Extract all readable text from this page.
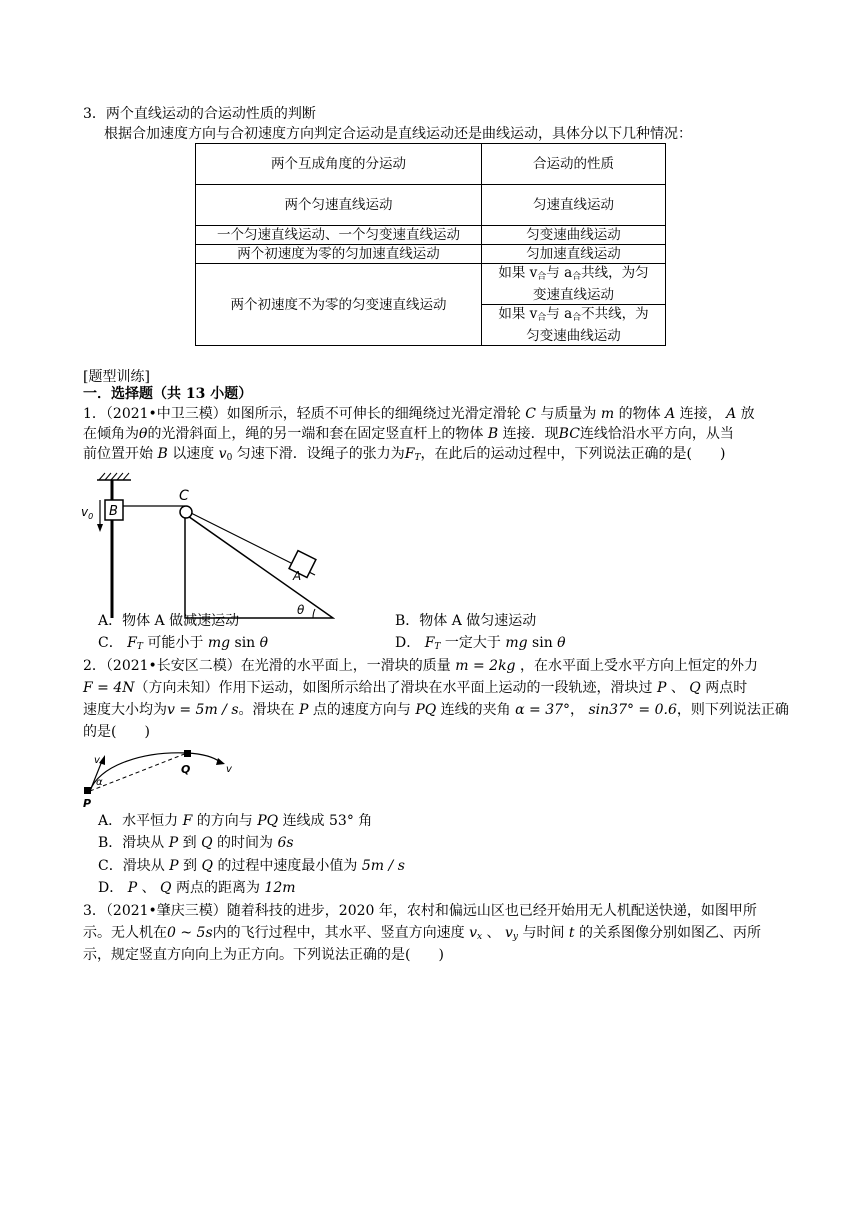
3．两个直线运动的合运动性质的判断
根据合加速度方向与合初速度方向判定合运动是直线运动还是曲线运动，具体分以下几种情况：
两个互成角度的分运动	合运动的性质
两个匀速直线运动	匀速直线运动
一个匀速直线运动、一个匀变速直线运动	匀变速曲线运动
两个初速度为零的匀加速直线运动	匀加速直线运动
两个初速度不为零的匀变速直线运动	如果 $v_合$与 $a_合$共线，为匀
变速直线运动
	如果 $v_合$与 $a_合$不共线，为
匀变速曲线运动
[题型训练]
一．选择题（共 13 小题）
1．（2021•中卫三模）如图所示，轻质不可伸长的细绳绕过光滑定滑轮 C 与质量为 m 的物体 A 连接， A 放
在倾角为θ的光滑斜面上，绳的另一端和套在固定竖直杆上的物体 B 连接．现BC连线恰沿水平方向，从当
前位置开始 B 以速度 $v_0$ 匀速下滑．设绳子的张力为$F_T$，在此后的运动过程中，下列说法正确的是(　　)
B
$v_0$
C
A
θ
A．物体 A 做减速运动	B．物体 A 做匀速运动
C． $F_T$ 可能小于 mg sin θ	D． $F_T$ 一定大于 mg sin θ
2．（2021•长安区二模）在光滑的水平面上，一滑块的质量 m = 2kg ，在水平面上受水平方向上恒定的外力
F = 4N（方向未知）作用下运动，如图所示给出了滑块在水平面上运动的一段轨迹，滑块过 P 、 Q 两点时
速度大小均为v = 5m / s。滑块在 P 点的速度方向与 PQ 连线的夹角 α = 37°， sin37° = 0.6，则下列说法正确
的是(　　)
v
α
P
Q	v
A．水平恒力 F 的方向与 PQ 连线成 53° 角
B．滑块从 P 到 Q 的时间为 6s
C．滑块从 P 到 Q 的过程中速度最小值为 5m / s
D． P 、 Q 两点的距离为 12m
3．（2021•肇庆三模）随着科技的进步，2020 年，农村和偏远山区也已经开始用无人机配送快递，如图甲所
示。无人机在0 ~ 5s内的飞行过程中，其水平、竖直方向速度 $v_x$ 、 $v_y$ 与时间 t 的关系图像分别如图乙、丙所
示，规定竖直方向向上为正方向。下列说法正确的是(　　)
